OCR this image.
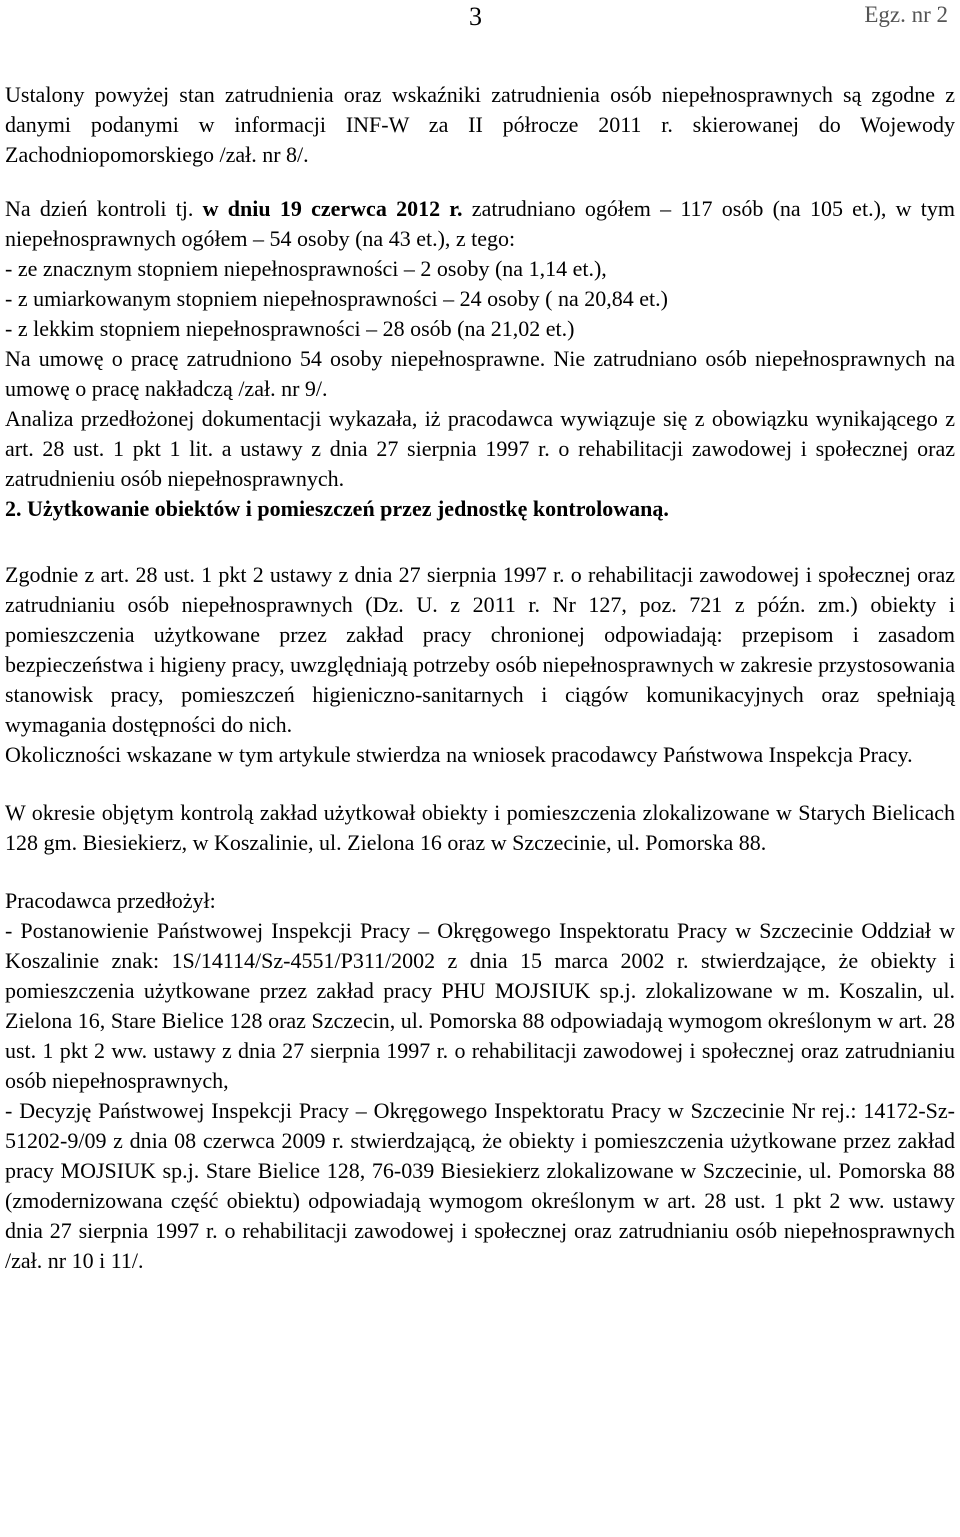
3	Egz. nr 2

Ustalony powyżej stan zatrudnienia oraz wskaźniki zatrudnienia osób niepełnosprawnych są zgodne z danymi podanymi w informacji INF-W za II półrocze 2011 r. skierowanej do Wojewody Zachodniopomorskiego /zał. nr 8/.

Na dzień kontroli tj. w dniu 19 czerwca 2012 r. zatrudniano ogółem – 117 osób (na 105 et.), w tym niepełnosprawnych ogółem – 54 osoby (na 43 et.), z tego:

- ze znacznym stopniem niepełnosprawności – 2 osoby (na 1,14 et.),

- z umiarkowanym stopniem niepełnosprawności – 24 osoby ( na 20,84 et.)

- z lekkim stopniem niepełnosprawności – 28 osób (na 21,02 et.)

Na umowę o pracę zatrudniono 54 osoby niepełnosprawne. Nie zatrudniano osób niepełnosprawnych na umowę o pracę nakładczą /zał. nr 9/.

Analiza przedłożonej dokumentacji wykazała, iż pracodawca wywiązuje się z obowiązku wynikającego z art. 28 ust. 1 pkt 1 lit. a ustawy z dnia 27 sierpnia 1997 r. o rehabilitacji zawodowej i społecznej oraz zatrudnieniu osób niepełnosprawnych.

2. Użytkowanie obiektów i pomieszczeń przez jednostkę kontrolowaną.

Zgodnie z art. 28 ust. 1 pkt 2 ustawy z dnia 27 sierpnia 1997 r. o rehabilitacji zawodowej i społecznej oraz zatrudnianiu osób niepełnosprawnych (Dz. U. z 2011 r. Nr 127, poz. 721 z późn. zm.) obiekty i pomieszczenia użytkowane przez zakład pracy chronionej odpowiadają: przepisom i zasadom bezpieczeństwa i higieny pracy, uwzględniają potrzeby osób niepełnosprawnych w zakresie przystosowania stanowisk pracy, pomieszczeń higieniczno-sanitarnych i ciągów komunikacyjnych oraz spełniają wymagania dostępności do nich.

Okoliczności wskazane w tym artykule stwierdza na wniosek pracodawcy Państwowa Inspekcja Pracy.

W okresie objętym kontrolą zakład użytkował obiekty i pomieszczenia zlokalizowane w Starych Bielicach 128 gm. Biesiekierz, w Koszalinie, ul. Zielona 16 oraz w Szczecinie, ul. Pomorska 88.

Pracodawca przedłożył:

- Postanowienie Państwowej Inspekcji Pracy – Okręgowego Inspektoratu Pracy w Szczecinie Oddział w Koszalinie znak: 1S/14114/Sz-4551/P311/2002 z dnia 15 marca 2002 r. stwierdzające, że obiekty i pomieszczenia użytkowane przez zakład pracy PHU MOJSIUK sp.j. zlokalizowane w m. Koszalin, ul. Zielona 16, Stare Bielice 128 oraz Szczecin, ul. Pomorska 88 odpowiadają wymogom określonym w art. 28 ust. 1 pkt 2 ww. ustawy z dnia 27 sierpnia 1997 r. o rehabilitacji zawodowej i społecznej oraz zatrudnianiu osób niepełnosprawnych,

- Decyzję Państwowej Inspekcji Pracy – Okręgowego Inspektoratu Pracy w Szczecinie Nr rej.: 14172-Sz-51202-9/09 z dnia 08 czerwca 2009 r. stwierdzającą, że obiekty i pomieszczenia użytkowane przez zakład pracy MOJSIUK sp.j. Stare Bielice 128, 76-039 Biesiekierz zlokalizowane w Szczecinie, ul. Pomorska 88 (zmodernizowana część obiektu) odpowiadają wymogom określonym w art. 28 ust. 1 pkt 2 ww. ustawy dnia 27 sierpnia 1997 r. o rehabilitacji zawodowej i społecznej oraz zatrudnianiu osób niepełnosprawnych /zał. nr 10 i 11/.
